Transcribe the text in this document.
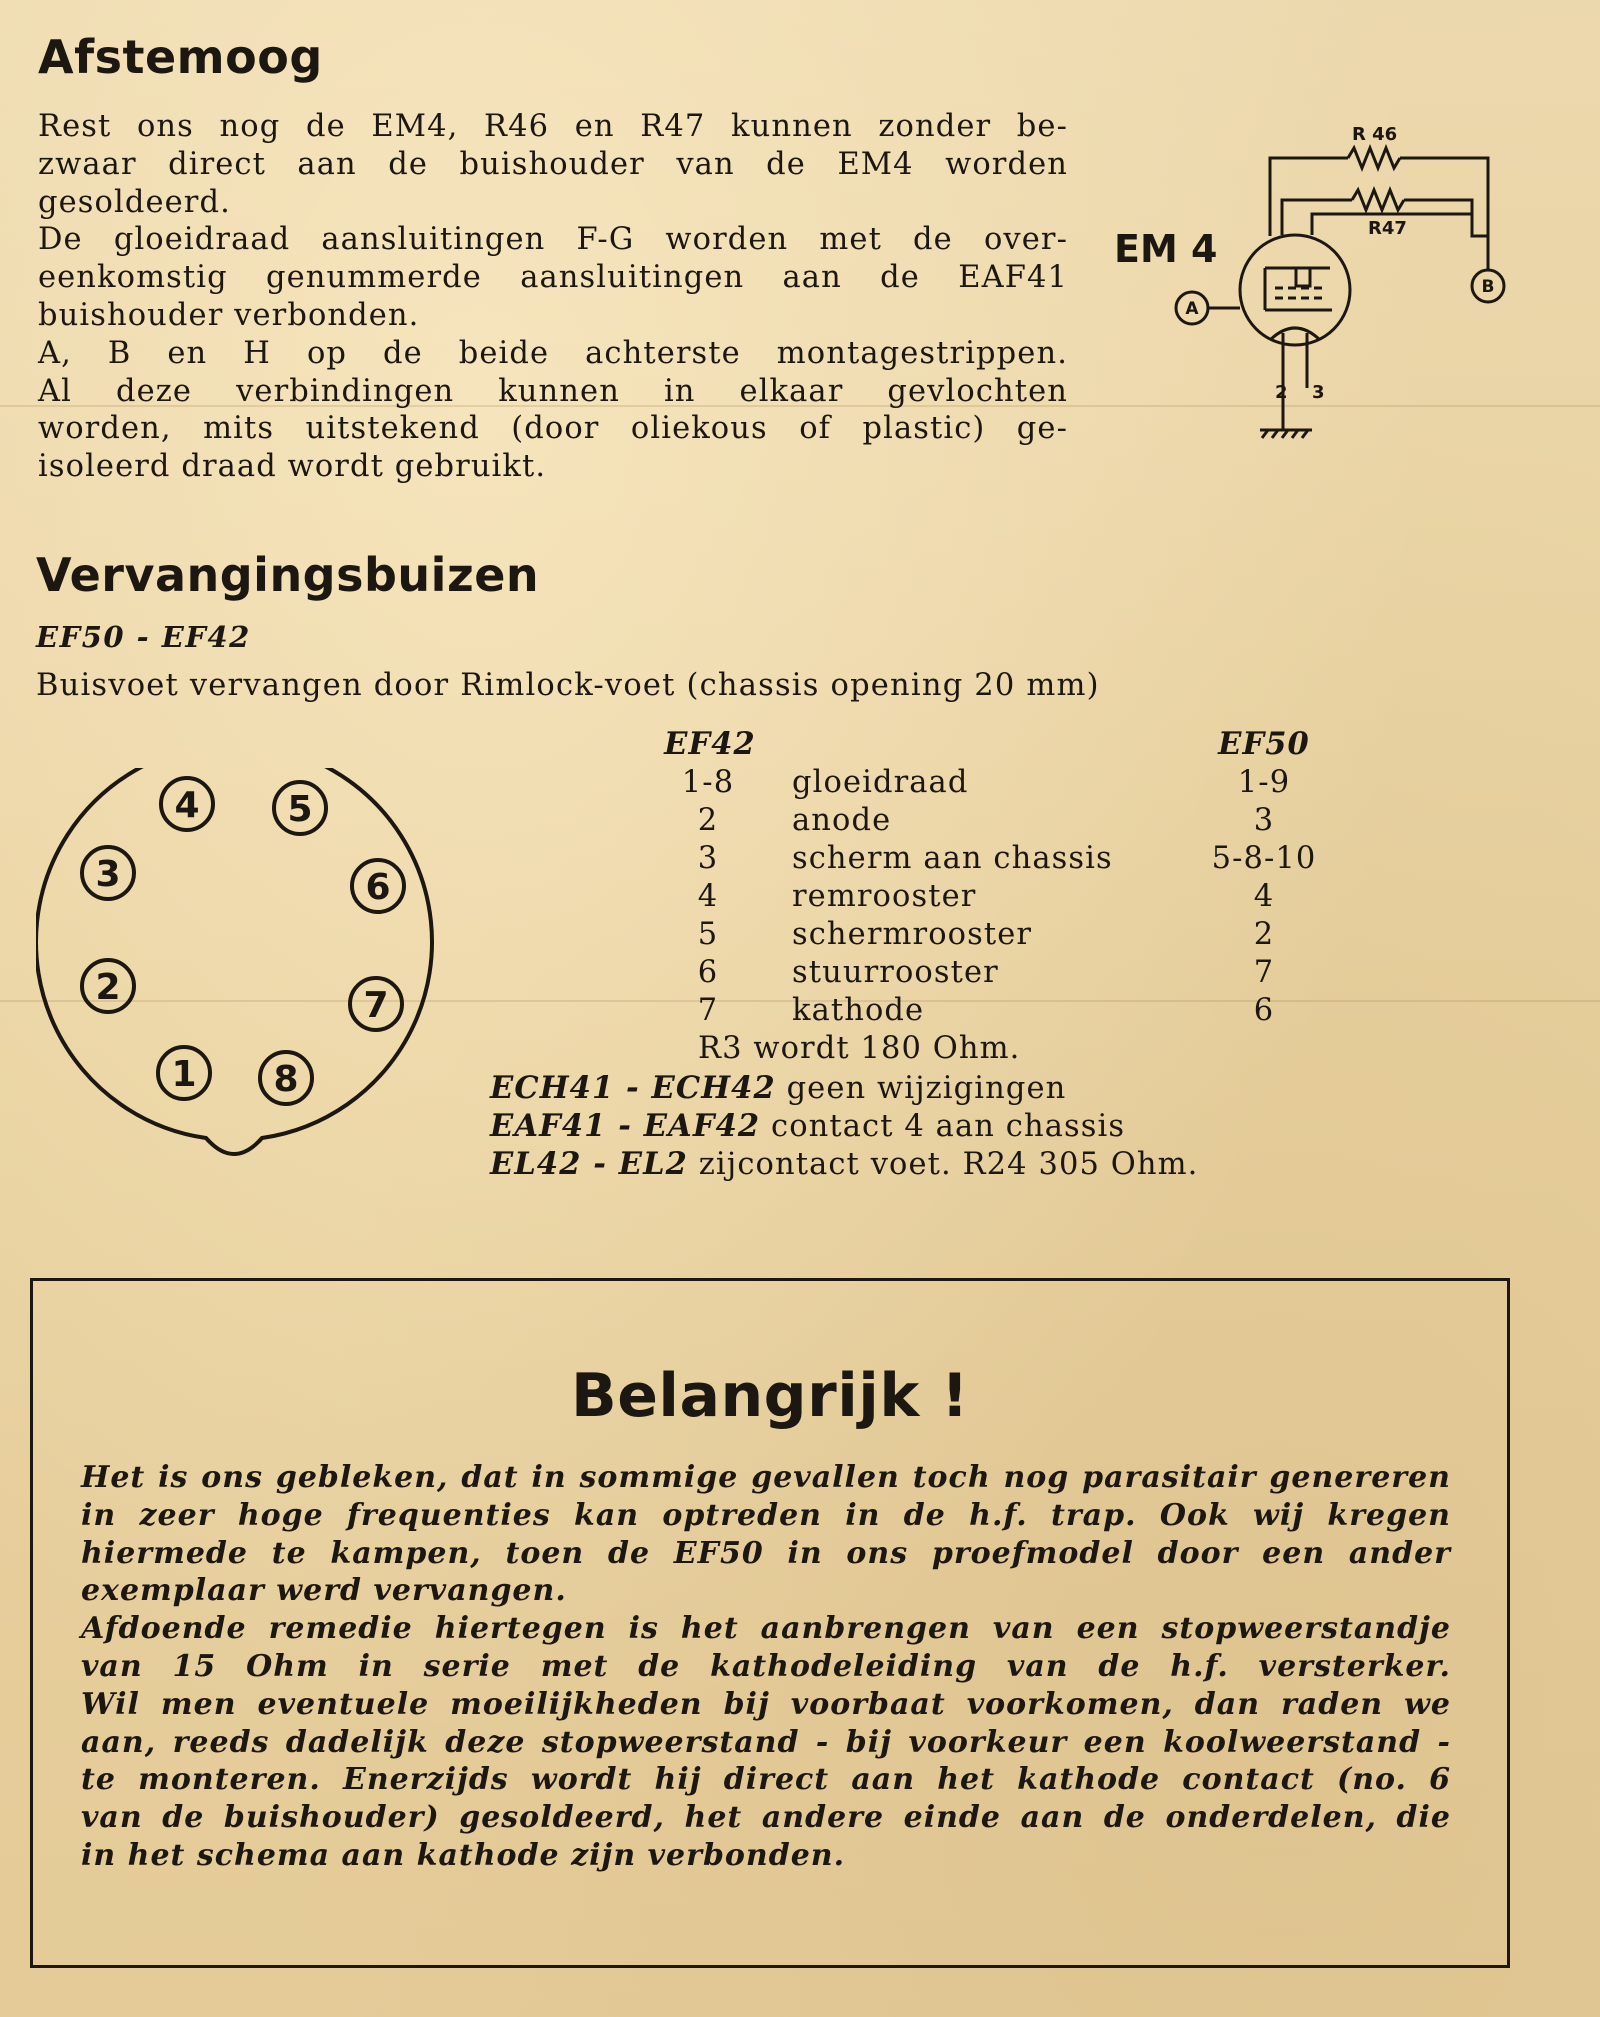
Afstemoog
Rest ons nog de EM4, R46 en R47 kunnen zonder be-
zwaar direct aan de buishouder van de EM4 worden
gesoldeerd.
De gloeidraad aansluitingen F-G worden met de over-
eenkomstig genummerde aansluitingen aan de EAF41
buishouder verbonden.
A, B en H op de beide achterste montagestrippen.
Al deze verbindingen kunnen in elkaar gevlochten
worden, mits uitstekend (door oliekous of plastic) ge-
isoleerd draad wordt gebruikt.
EM 4
R 46
R47
B
A
2 3
Vervangingsbuizen
EF50 - EF42
Buisvoet vervangen door Rimlock-voet (chassis opening 20 mm)
1
2
3
4 5
6
7
8
EF42	EF50
1-8	gloeidraad	1-9
2	anode	3
3	scherm aan chassis	5-8-10
4	remrooster	4
5	schermrooster	2
6	stuurrooster	7
7	kathode	6
R3 wordt 180 Ohm.
ECH41 - ECH42 geen wijzigingen
EAF41 - EAF42 contact 4 aan chassis
EL42 - EL2 zijcontact voet. R24 305 Ohm.
Belangrijk !
Het is ons gebleken, dat in sommige gevallen toch nog parasitair genereren
in zeer hoge frequenties kan optreden in de h.f. trap. Ook wij kregen
hiermede te kampen, toen de EF50 in ons proefmodel door een ander
exemplaar werd vervangen.
Afdoende remedie hiertegen is het aanbrengen van een stopweerstandje
van 15 Ohm in serie met de kathodeleiding van de h.f. versterker.
Wil men eventuele moeilijkheden bij voorbaat voorkomen, dan raden we
aan, reeds dadelijk deze stopweerstand - bij voorkeur een koolweerstand -
te monteren. Enerzijds wordt hij direct aan het kathode contact (no. 6
van de buishouder) gesoldeerd, het andere einde aan de onderdelen, die
in het schema aan kathode zijn verbonden.
